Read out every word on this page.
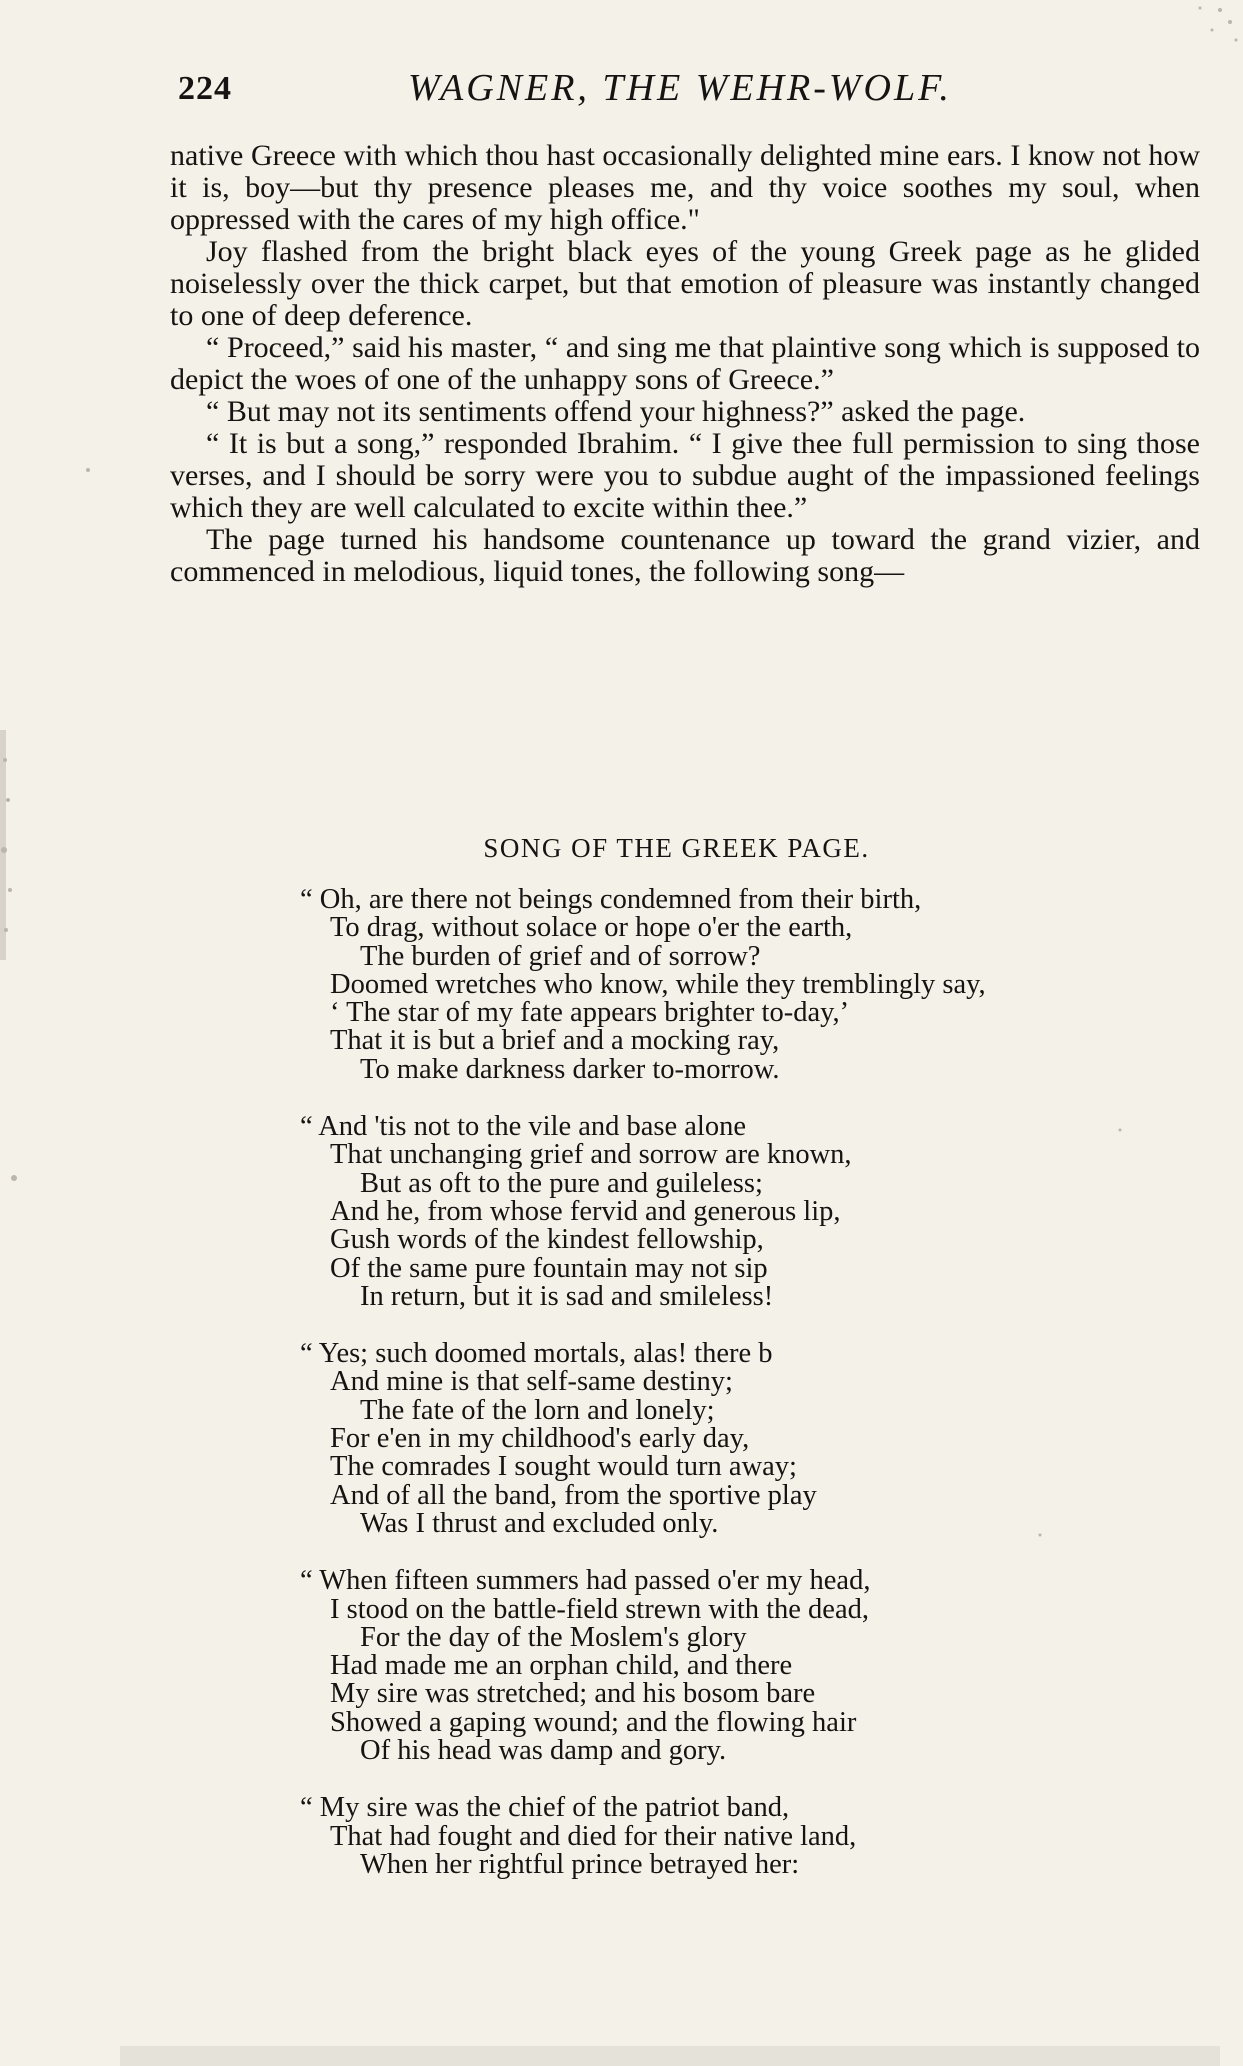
224	WAGNER, THE WEHR-WOLF.

native Greece with which thou hast occasionally delighted mine ears. I know not how it is, boy—but thy presence pleases me, and thy voice soothes my soul, when oppressed with the cares of my high office."

Joy flashed from the bright black eyes of the young Greek page as he glided noiselessly over the thick carpet, but that emotion of pleasure was instantly changed to one of deep deference.

“ Proceed,” said his master, “ and sing me that plaintive song which is supposed to depict the woes of one of the unhappy sons of Greece.”

“ But may not its sentiments offend your highness?” asked the page.

“ It is but a song,” responded Ibrahim. “ I give thee full permission to sing those verses, and I should be sorry were you to subdue aught of the impassioned feelings which they are well calculated to excite within thee.”

The page turned his handsome countenance up toward the grand vizier, and commenced in melodious, liquid tones, the following song—

SONG OF THE GREEK PAGE.
“ Oh, are there not beings condemned from their birth,
To drag, without solace or hope o'er the earth,
The burden of grief and of sorrow?
Doomed wretches who know, while they tremblingly say,
‘ The star of my fate appears brighter to-day,’
That it is but a brief and a mocking ray,
To make darkness darker to-morrow.
“ And 'tis not to the vile and base alone
That unchanging grief and sorrow are known,
But as oft to the pure and guileless;
And he, from whose fervid and generous lip,
Gush words of the kindest fellowship,
Of the same pure fountain may not sip
In return, but it is sad and smileless!
“ Yes; such doomed mortals, alas! there b
And mine is that self-same destiny;
The fate of the lorn and lonely;
For e'en in my childhood's early day,
The comrades I sought would turn away;
And of all the band, from the sportive play
Was I thrust and excluded only.
“ When fifteen summers had passed o'er my head,
I stood on the battle-field strewn with the dead,
For the day of the Moslem's glory
Had made me an orphan child, and there
My sire was stretched; and his bosom bare
Showed a gaping wound; and the flowing hair
Of his head was damp and gory.
“ My sire was the chief of the patriot band,
That had fought and died for their native land,
When her rightful prince betrayed her:
